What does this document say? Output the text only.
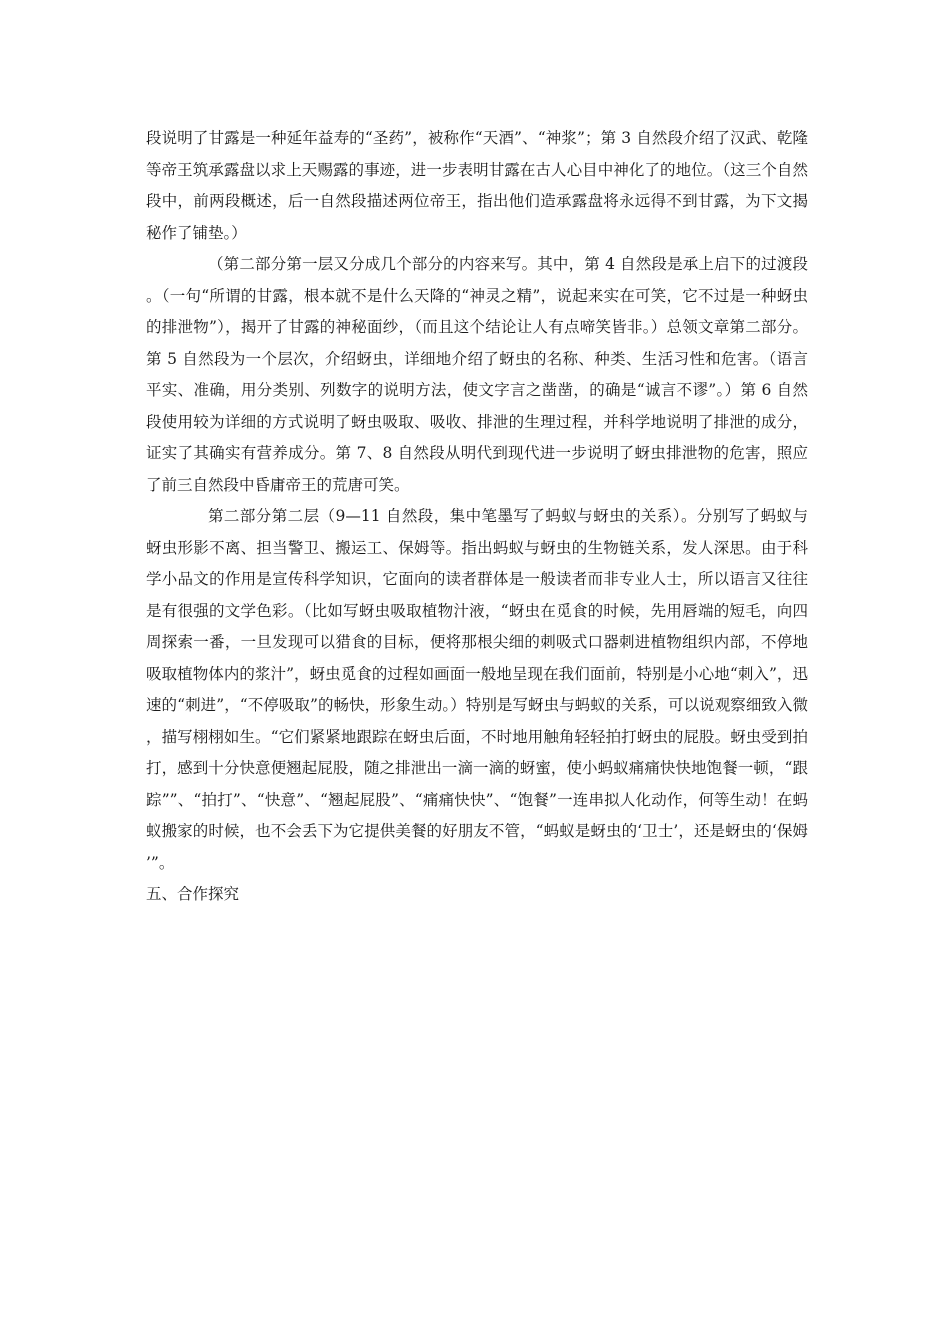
段说明了甘露是一种延年益寿的“圣药”，被称作“天酒”、“神浆”；第 3 自然段介绍了汉武、乾隆等帝王筑承露盘以求上天赐露的事迹，进一步表明甘露在古人心目中神化了的地位。（这三个自然段中，前两段概述，后一自然段描述两位帝王，指出他们造承露盘将永远得不到甘露，为下文揭秘作了铺垫。）

（第二部分第一层又分成几个部分的内容来写。其中，第 4 自然段是承上启下的过渡段。（一句“所谓的甘露，根本就不是什么天降的“神灵之精”，说起来实在可笑，它不过是一种蚜虫的排泄物”），揭开了甘露的神秘面纱，（而且这个结论让人有点啼笑皆非。）总领文章第二部分。第 5 自然段为一个层次，介绍蚜虫，详细地介绍了蚜虫的名称、种类、生活习性和危害。（语言平实、准确，用分类别、列数字的说明方法，使文字言之凿凿，的确是“诚言不谬”。）第 6 自然段使用较为详细的方式说明了蚜虫吸取、吸收、排泄的生理过程，并科学地说明了排泄的成分，证实了其确实有营养成分。第 7、8 自然段从明代到现代进一步说明了蚜虫排泄物的危害，照应了前三自然段中昏庸帝王的荒唐可笑。

第二部分第二层（9—11 自然段，集中笔墨写了蚂蚁与蚜虫的关系）。分别写了蚂蚁与蚜虫形影不离、担当警卫、搬运工、保姆等。指出蚂蚁与蚜虫的生物链关系，发人深思。由于科学小品文的作用是宣传科学知识，它面向的读者群体是一般读者而非专业人士，所以语言又往往是有很强的文学色彩。（比如写蚜虫吸取植物汁液，“蚜虫在觅食的时候，先用唇端的短毛，向四周探索一番，一旦发现可以猎食的目标，便将那根尖细的刺吸式口器刺进植物组织内部，不停地吸取植物体内的浆汁”，蚜虫觅食的过程如画面一般地呈现在我们面前，特别是小心地“刺入”，迅速的“刺进”，“不停吸取”的畅快，形象生动。）特别是写蚜虫与蚂蚁的关系，可以说观察细致入微，描写栩栩如生。“它们紧紧地跟踪在蚜虫后面，不时地用触角轻轻拍打蚜虫的屁股。蚜虫受到拍打，感到十分快意便翘起屁股，随之排泄出一滴一滴的蚜蜜，使小蚂蚁痛痛快快地饱餐一顿，“跟踪””、“拍打”、“快意”、“翘起屁股”、“痛痛快快”、“饱餐”一连串拟人化动作，何等生动！在蚂蚁搬家的时候，也不会丢下为它提供美餐的好朋友不管，“蚂蚁是蚜虫的‘卫士’，还是蚜虫的‘保姆’”。

五、合作探究
